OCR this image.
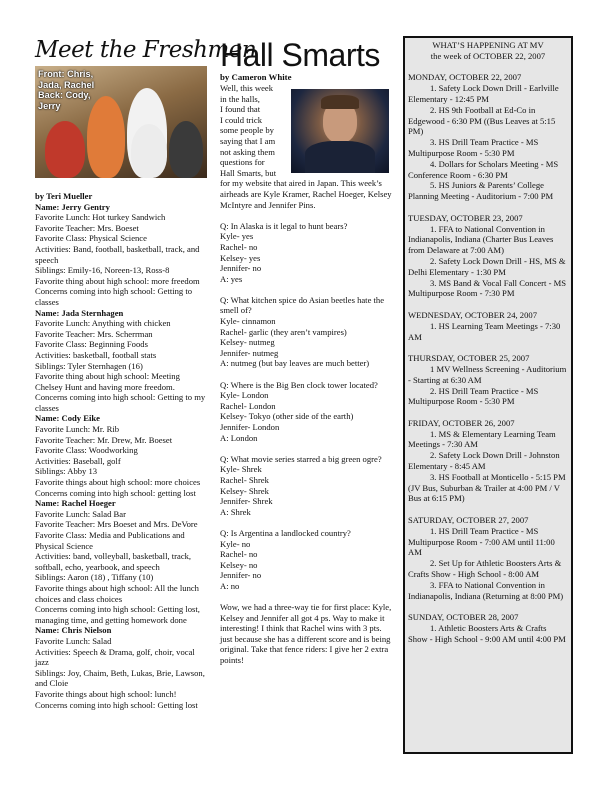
Meet the Freshmen
Front: Chris,
Jada, Rachel
Back: Cody,
Jerry
by Teri Mueller
Name: Jerry Gentry
Favorite Lunch: Hot turkey Sandwich
Favorite Teacher: Mrs. Boeset
Favorite Class: Physical Science
Activities: Band, football, basketball, track, and speech
Siblings: Emily-16, Noreen-13, Ross-8
Favorite thing about high school: more freedom
Concerns coming into high school: Getting to classes
Name: Jada Sternhagen
Favorite Lunch: Anything with chicken
Favorite Teacher: Mrs. Scherrman
Favorite Class: Beginning Foods
Activities: basketball, football stats
Siblings: Tyler Sternhagen (16)
Favorite thing about high school: Meeting Chelsey Hunt and having more freedom.
Concerns coming into high school: Getting to my classes
Name: Cody Eike
Favorite Lunch: Mr. Rib
Favorite Teacher: Mr. Drew, Mr. Boeset
Favorite Class: Woodworking
Activities: Baseball, golf
Siblings: Abby 13
Favorite things about high school: more choices
Concerns coming into high school: getting lost
Name: Rachel Hoeger
Favorite Lunch: Salad Bar
Favorite Teacher: Mrs Boeset and Mrs. DeVore
Favorite Class: Media and Publications and Physical Science
Activities: band, volleyball, basketball, track, softball, echo, yearbook, and speech
Siblings: Aaron (18) , Tiffany (10)
Favorite things about high school: All the lunch choices and class choices
Concerns coming into high school: Getting lost, managing time, and getting homework done
Name: Chris Nielson
Favorite Lunch: Salad
Activities: Speech & Drama, golf, choir, vocal jazz
Siblings: Joy, Chaim, Beth, Lukas, Brie, Lawson, and Cloie
Favorite things about high school: lunch!
Concerns coming into high school: Getting lost
Hall Smarts
by Cameron White
Well, this week
in the halls,
I found that
I could trick
some people by
saying that I am
not asking them
questions for
Hall Smarts, but

for my website that aired in Japan. This week’s airheads are Kyle Kramer, Rachel Hoeger, Kelsey McIntyre and Jennifer Pins.

Q: In Alaska is it legal to hunt bears?
Kyle- yes
Rachel- no
Kelsey- yes
Jennifer- no
A: yes
Q: What kitchen spice do Asian beetles hate the smell of?
Kyle- cinnamon
Rachel- garlic (they aren’t vampires)
Kelsey- nutmeg
Jennifer- nutmeg
A: nutmeg (but bay leaves are much better)
Q: Where is the Big Ben clock tower located?
Kyle- London
Rachel- London
Kelsey- Tokyo (other side of the earth)
Jennifer- London
A: London
Q: What movie series starred a big green ogre?
Kyle- Shrek
Rachel- Shrek
Kelsey- Shrek
Jennifer- Shrek
A: Shrek
Q: Is Argentina a landlocked country?
Kyle- no
Rachel- no
Kelsey- no
Jennifer- no
A: no

Wow, we had a three-way tie for first place: Kyle, Kelsey and Jennifer all got 4 ps. Way to make it interesting! I think that Rachel wins with 3 pts. just because she has a different score and is being original. Take that fence riders: I give her 2 extra points!

WHAT’S HAPPENING AT MV
the week of OCTOBER 22, 2007
MONDAY, OCTOBER 22, 2007
1. Safety Lock Down Drill - Earlville Elementary - 12:45 PM
2. HS 9th Football at Ed-Co in Edgewood - 6:30 PM ((Bus Leaves at 5:15 PM)
3. HS Drill Team Practice - MS Multipurpose Room - 5:30 PM
4. Dollars for Scholars Meeting - MS Conference Room - 6:30 PM
5. HS Juniors & Parents’ College Planning Meeting - Auditorium - 7:00 PM
TUESDAY, OCTOBER 23, 2007
1. FFA to National Convention in Indianapolis, Indiana (Charter Bus Leaves from Delaware at 7:00 AM)
2. Safety Lock Down Drill - HS, MS & Delhi Elementary - 1:30 PM
3. MS Band & Vocal Fall Concert - MS Multipurpose Room - 7:30 PM
WEDNESDAY, OCTOBER 24, 2007
1. HS Learning Team Meetings - 7:30 AM
THURSDAY, OCTOBER 25, 2007
1 MV Wellness Screening - Auditorium - Starting at 6:30 AM
2. HS Drill Team Practice - MS Multipurpose Room - 5:30 PM
FRIDAY, OCTOBER 26, 2007
1. MS & Elementary Learning Team Meetings - 7:30 AM
2. Safety Lock Down Drill - Johnston Elementary - 8:45 AM
3. HS Football at Monticello - 5:15 PM (JV Bus, Suburban & Trailer at 4:00 PM / V Bus at 6:15 PM)
SATURDAY, OCTOBER 27, 2007
1. HS Drill Team Practice - MS Multipurpose Room - 7:00 AM until 11:00 AM
2. Set Up for Athletic Boosters Arts & Crafts Show - High School - 8:00 AM
3. FFA to National Convention in Indianapolis, Indiana (Returning at 8:00 PM)
SUNDAY, OCTOBER 28, 2007
1. Athletic Boosters Arts & Crafts Show - High School - 9:00 AM until 4:00 PM
